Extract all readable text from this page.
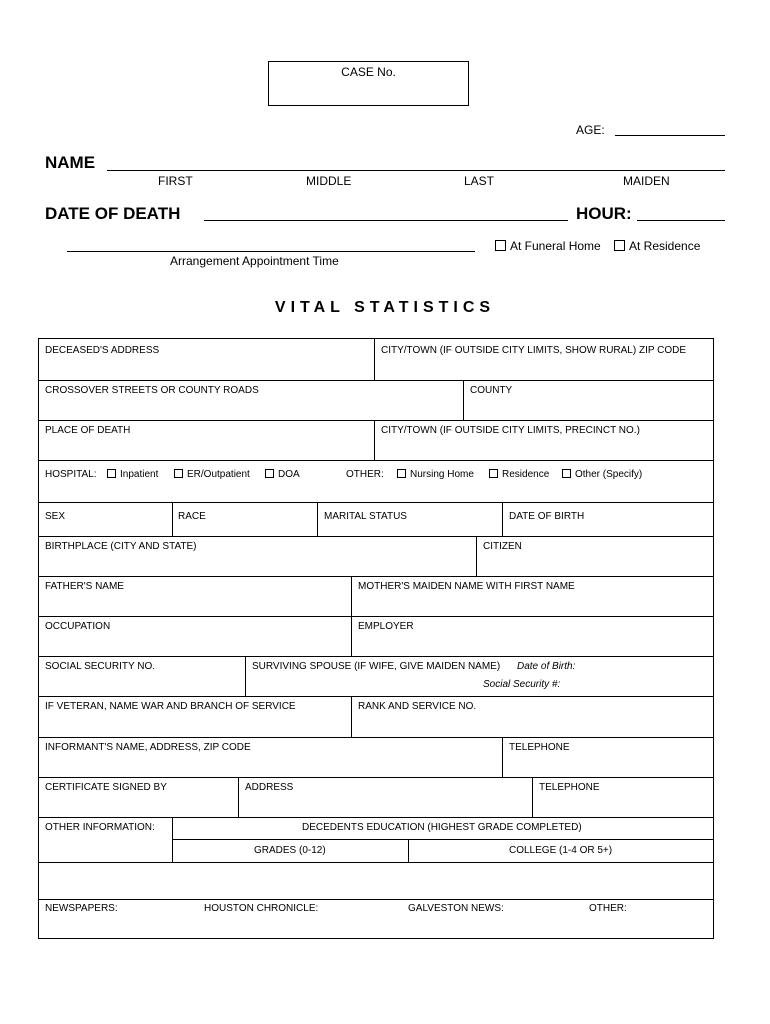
CASE No.
AGE:
NAME
FIRST	MIDDLE	LAST	MAIDEN
DATE OF DEATH	HOUR:
Arrangement Appointment Time
At Funeral Home	At Residence
VITAL STATISTICS
DECEASED'S ADDRESS	CITY/TOWN (IF OUTSIDE CITY LIMITS, SHOW RURAL) ZIP CODE
CROSSOVER STREETS OR COUNTY ROADS	COUNTY
PLACE OF DEATH	CITY/TOWN (IF OUTSIDE CITY LIMITS, PRECINCT NO.)
HOSPITAL:	Inpatient	ER/Outpatient	DOA	OTHER:	Nursing Home	Residence	Other (Specify)
SEX	RACE	MARITAL STATUS	DATE OF BIRTH
BIRTHPLACE (CITY AND STATE)	CITIZEN
FATHER'S NAME	MOTHER'S MAIDEN NAME WITH FIRST NAME
OCCUPATION	EMPLOYER
SOCIAL SECURITY NO.	SURVIVING SPOUSE (IF WIFE, GIVE MAIDEN NAME) Date of Birth:
Social Security #:
IF VETERAN, NAME WAR AND BRANCH OF SERVICE	RANK AND SERVICE NO.
INFORMANT'S NAME, ADDRESS, ZIP CODE	TELEPHONE
CERTIFICATE SIGNED BY	ADDRESS	TELEPHONE
OTHER INFORMATION:	DECEDENTS EDUCATION (HIGHEST GRADE COMPLETED)
GRADES (0-12)	COLLEGE (1-4 OR 5+)
NEWSPAPERS:	HOUSTON CHRONICLE:	GALVESTON NEWS:	OTHER:
